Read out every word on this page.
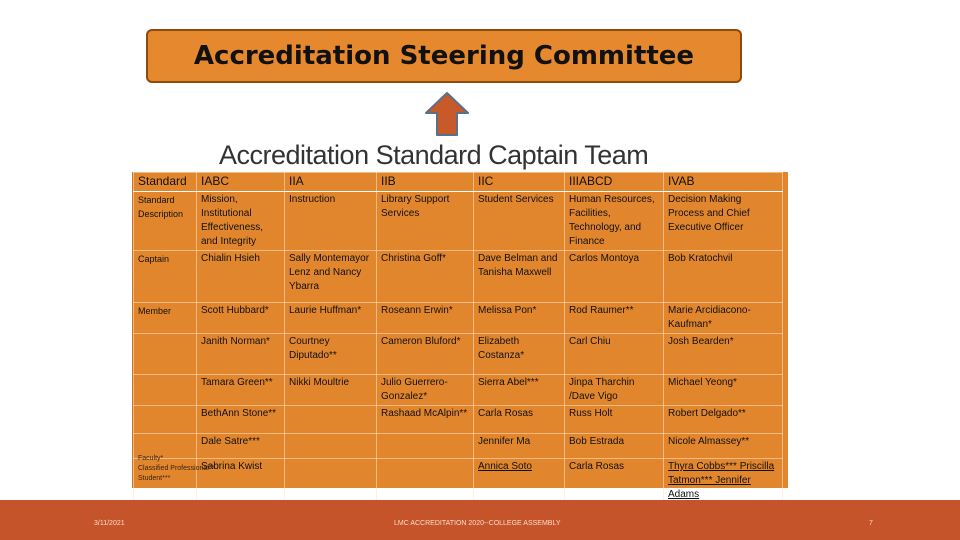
Accreditation Steering Committee
Accreditation Standard Captain Team
Standard	IABC	IIA	IIB	IIC	IIIABCD	IVAB
Standard Description	Mission, Institutional Effectiveness, and Integrity	Instruction	Library Support Services	Student Services	Human Resources, Facilities, Technology, and Finance	Decision Making Process and Chief Executive Officer
Captain	Chialin Hsieh	Sally Montemayor Lenz and Nancy Ybarra	Christina Goff*	Dave Belman and Tanisha Maxwell	Carlos Montoya	Bob Kratochvil
Member	Scott Hubbard*	Laurie Huffman*	Roseann Erwin*	Melissa Pon*	Rod Raumer**	Marie Arcidiacono-Kaufman*
	Janith Norman*	Courtney Diputado**	Cameron Bluford*	Elizabeth Costanza*	Carl Chiu	Josh Bearden*
	Tamara Green**	Nikki Moultrie	Julio Guerrero-Gonzalez*	Sierra Abel***	Jinpa Tharchin /Dave Vigo	Michael Yeong*
	BethAnn Stone**		Rashaad McAlpin**	Carla Rosas	Russ Holt	Robert Delgado**
	Dale Satre***			Jennifer Ma	Bob Estrada	Nicole Almassey**
	Sabrina Kwist			Annica Soto	Carla Rosas	Thyra Cobbs*** Priscilla Tatmon*** Jennifer Adams
Faculty*
Classified Professional**
Student***
3/11/2021	LMC ACCREDITATION 2020--COLLEGE ASSEMBLY	7
